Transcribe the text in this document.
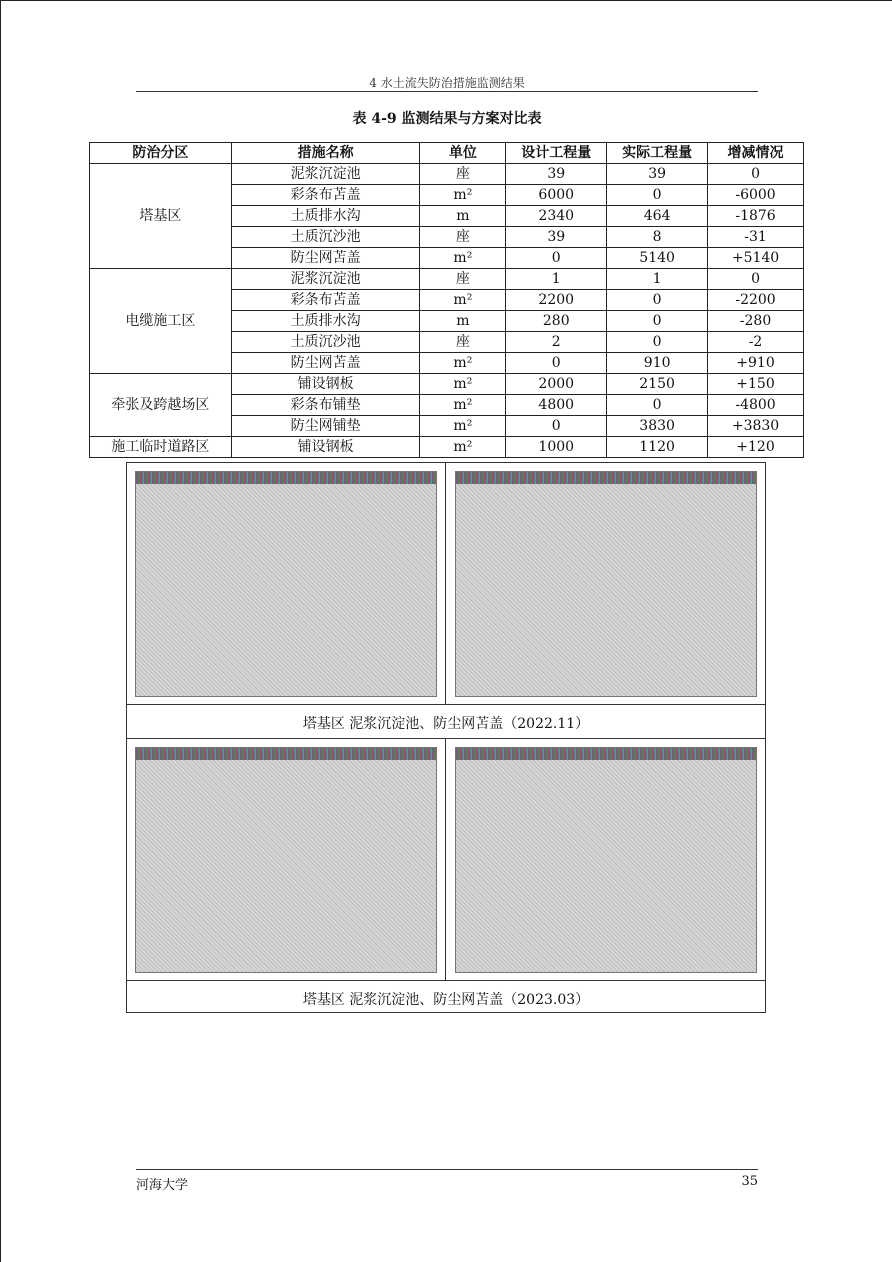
4 水土流失防治措施监测结果
表 4-9 监测结果与方案对比表
防治分区	措施名称	单位	设计工程量	实际工程量	增减情况
塔基区	泥浆沉淀池	座	39	39	0
	彩条布苫盖	m²	6000	0	-6000
	土质排水沟	m	2340	464	-1876
	土质沉沙池	座	39	8	-31
	防尘网苫盖	m²	0	5140	+5140
电缆施工区	泥浆沉淀池	座	1	1	0
	彩条布苫盖	m²	2200	0	-2200
	土质排水沟	m	280	0	-280
	土质沉沙池	座	2	0	-2
	防尘网苫盖	m²	0	910	+910
牵张及跨越场区	铺设钢板	m²	2000	2150	+150
	彩条布铺垫	m²	4800	0	-4800
	防尘网铺垫	m²	0	3830	+3830
施工临时道路区	铺设钢板	m²	1000	1120	+120
塔基区 泥浆沉淀池、防尘网苫盖（2022.11）
塔基区 泥浆沉淀池、防尘网苫盖（2023.03）
河海大学	35
